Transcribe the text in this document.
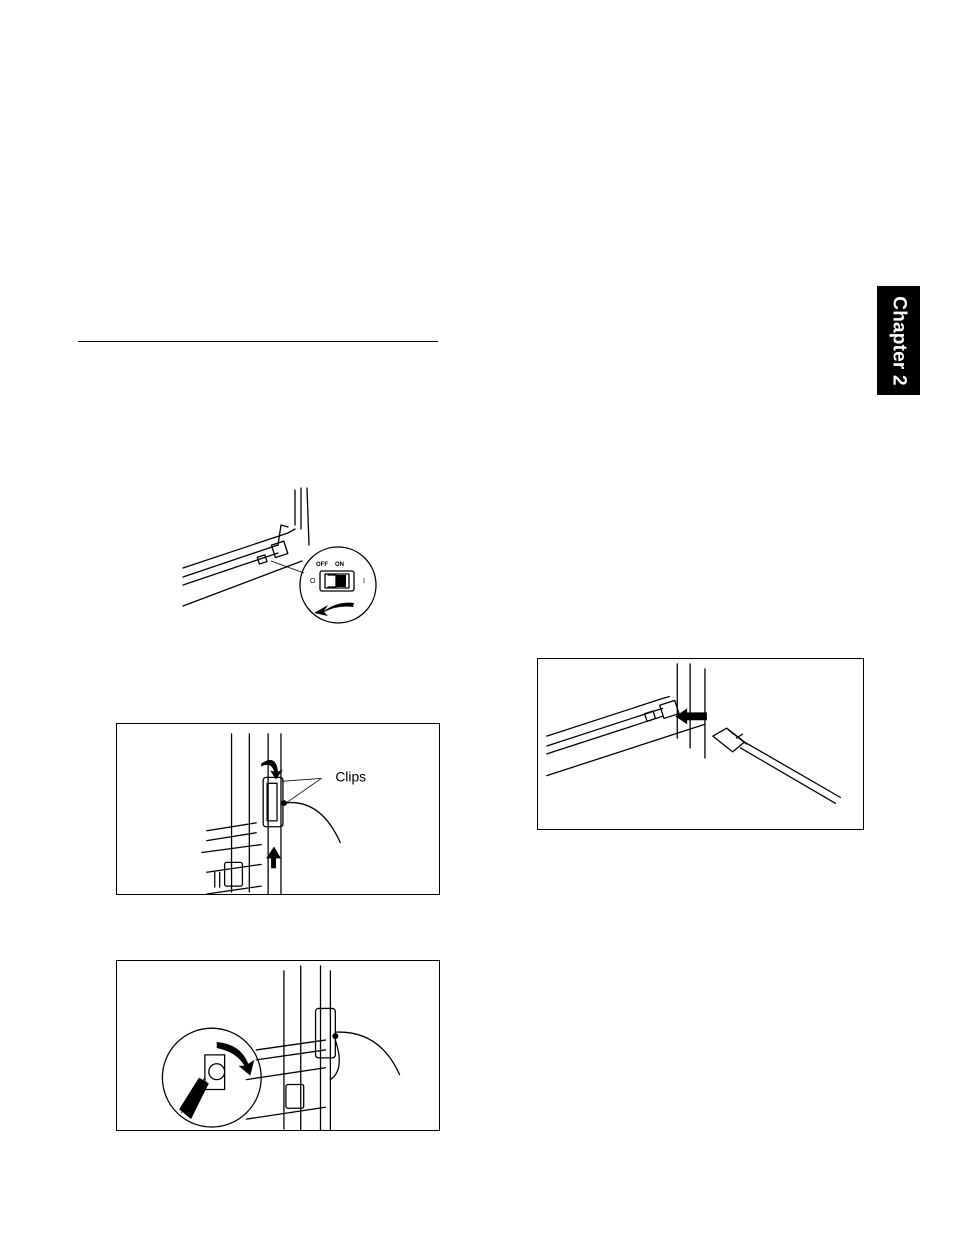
Chapter 2
OFF ON
O	I
Clips
